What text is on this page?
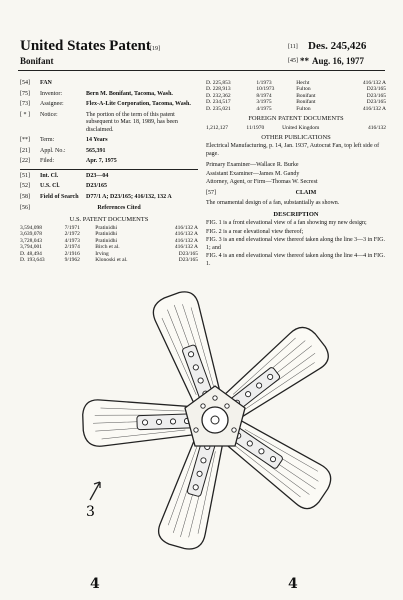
United States Patent [19]
Bonifant
[11] Des. 245,426
[45] ** Aug. 16, 1977
[54]	FAN
[75]	Inventor:	Bern M. Bonifant, Tacoma, Wash.
[73]	Assignee:	Flex-A-Lite Corporation, Tacoma, Wash.
[ * ]	Notice:	The portion of the term of this patent subsequent to Mar. 18, 1989, has been disclaimed.
[**]	Term:	14 Years
[21]	Appl. No.:	565,391
[22]	Filed:	Apr. 7, 1975
[51]	Int. Cl.	D23—04
[52]	U.S. Cl.	D23/165
[58]	Field of Search	D77/1 A; D23/165; 416/132, 132 A
[56]	References Cited
U.S. PATENT DOCUMENTS
3,594,098	7/1971	Pratinidhi	416/132 A
3,639,078	2/1972	Pratinidhi	416/132 A
3,728,043	4/1973	Pratinidhi	416/132 A
3,794,001	2/1974	Birch et al.	416/132 A
D. 48,494	2/1916	Irving	D23/165
D. 193,643	9/1962	Klonoski et al.	D23/165
D. 225,853	1/1973	Hecht	416/132 A
D. 228,913	10/1973	Fulton	D23/165
D. 232,362	8/1974	Bonifant	D23/165
D. 234,517	3/1975	Bonifant	D23/165
D. 235,021	4/1975	Fulton	416/132 A
FOREIGN PATENT DOCUMENTS
1,212,127	11/1970	United Kingdom	416/132
OTHER PUBLICATIONS
Electrical Manufacturing, p. 14, Jan. 1937, Autocrat Fan, top left side of page.
Primary Examiner—Wallace R. Burke
Assistant Examiner—James M. Gandy
Attorney, Agent, or Firm—Thomas W. Secrest
[57]	CLAIM
The ornamental design of a fan, substantially as shown.
DESCRIPTION
FIG. 1 is a front elevational view of a fan showing my new design;
FIG. 2 is a rear elevational view thereof;
FIG. 3 is an end elevational view thereof taken along the line 3—3 in FIG. 1; and
FIG. 4 is an end elevational view thereof taken along the line 4—4 in FIG. 1.
3
4	4
